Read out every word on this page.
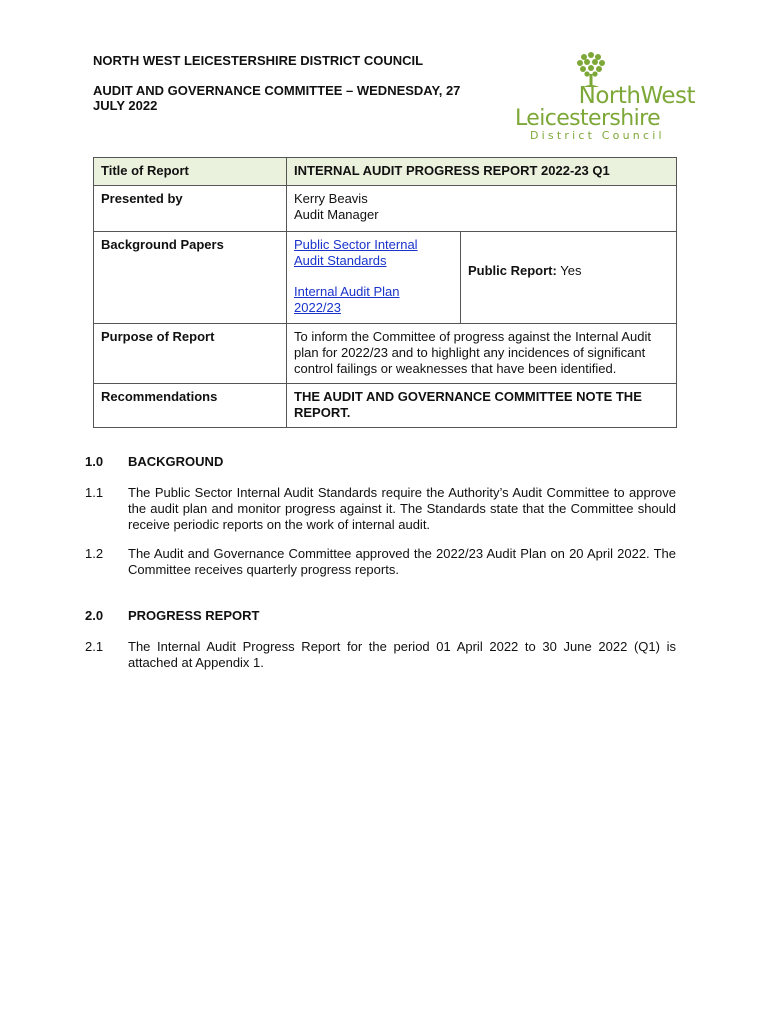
NORTH WEST LEICESTERSHIRE DISTRICT COUNCIL
AUDIT AND GOVERNANCE COMMITTEE – WEDNESDAY, 27
JULY 2022	NorthWest
Leicestershire
District Council
Title of Report	INTERNAL AUDIT PROGRESS REPORT 2022-23 Q1	
Presented by	Kerry Beavis
Audit Manager	

Background Papers	Public Sector Internal
Audit Standards
Internal Audit Plan
2022/23	Public Report: Yes

Purpose of Report	To inform the Committee of progress against the Internal Audit plan for 2022/23 and to highlight any incidences of significant control failings or weaknesses that have been identified.	
Recommendations	THE AUDIT AND GOVERNANCE COMMITTEE NOTE THE REPORT.	
1.0 BACKGROUND
1.1 The Public Sector Internal Audit Standards require the Authority’s Audit Committee to approve the audit plan and monitor progress against it. The Standards state that the Committee should receive periodic reports on the work of internal audit.
1.2 The Audit and Governance Committee approved the 2022/23 Audit Plan on 20 April 2022. The Committee receives quarterly progress reports.
2.0 PROGRESS REPORT
2.1 The Internal Audit Progress Report for the period 01 April 2022 to 30 June 2022 (Q1) is attached at Appendix 1.
